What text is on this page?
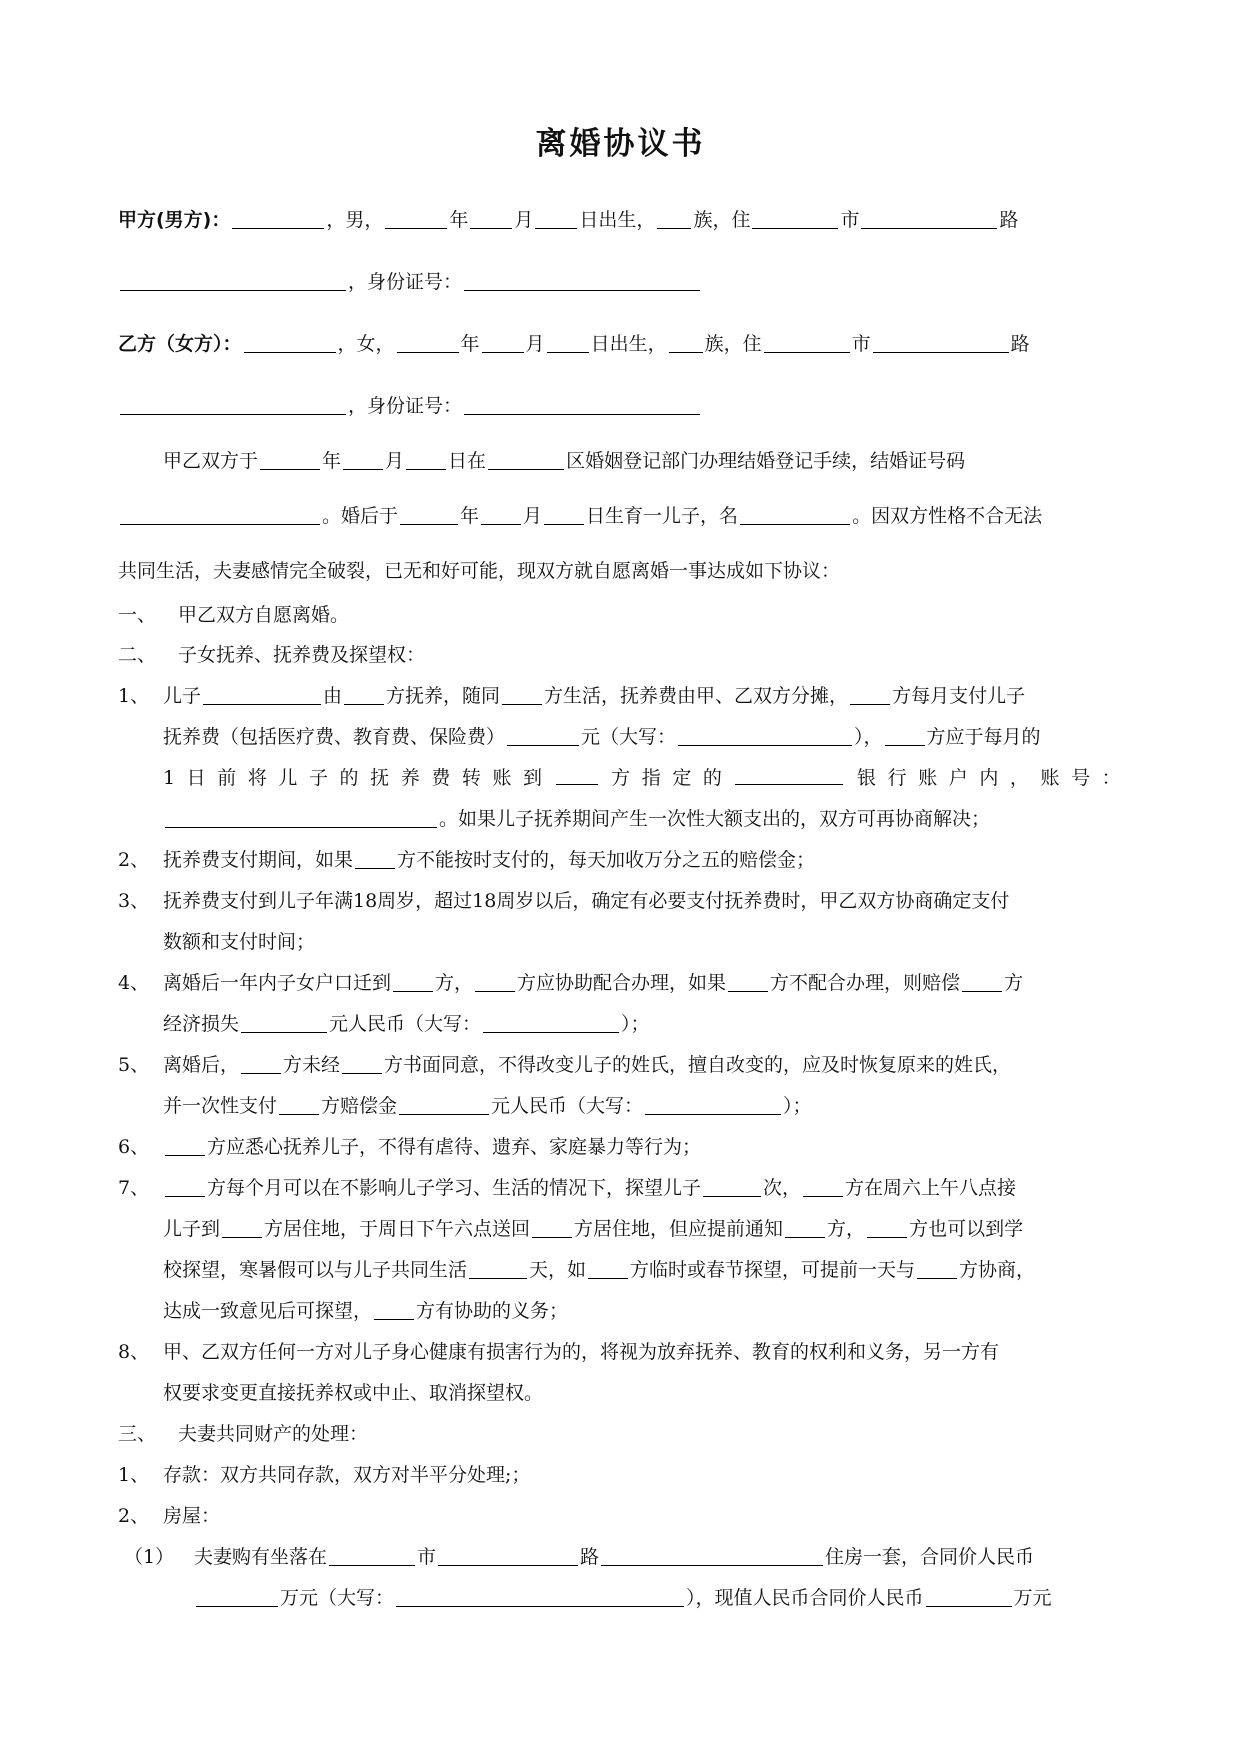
离婚协议书
甲方(男方)：	，男，	年 月 日出生， 族，住	市	路
，身份证号：
乙方（女方）：	，女，	年 月 日出生， 族，住	市	路
，身份证号：
甲乙双方于	年 月 日在	区婚姻登记部门办理结婚登记手续，结婚证号码
。婚后于	年 月 日生育一儿子，名	。因双方性格不合无法
共同生活，夫妻感情完全破裂，已无和好可能，现双方就自愿离婚一事达成如下协议：
一、 甲乙双方自愿离婚。
二、 子女抚养、抚养费及探望权：
1、 儿子	由 方抚养，随同 方生活，抚养费由甲、乙双方分摊， 方每月支付儿子
抚养费（包括医疗费、教育费、保险费）	元（大写：	）， 方应于每月的
1 日 前 将 儿 子 的 抚 养 费 转 账 到	方 指 定 的	银 行 账 户 内 ， 账 号 ：
。如果儿子抚养期间产生一次性大额支出的，双方可再协商解决；
2、 抚养费支付期间，如果 方不能按时支付的，每天加收万分之五的赔偿金；
3、 抚养费支付到儿子年满18周岁，超过18周岁以后，确定有必要支付抚养费时，甲乙双方协商确定支付
数额和支付时间；
4、 离婚后一年内子女户口迁到 方， 方应协助配合办理，如果 方不配合办理，则赔偿 方
经济损失	元人民币（大写：	）；
5、 离婚后， 方未经 方书面同意，不得改变儿子的姓氏，擅自改变的，应及时恢复原来的姓氏，
并一次性支付 方赔偿金	元人民币（大写：	）；
6、	方应悉心抚养儿子，不得有虐待、遗弃、家庭暴力等行为；
7、	方每个月可以在不影响儿子学习、生活的情况下，探望儿子	次， 方在周六上午八点接
儿子到 方居住地，于周日下午六点送回 方居住地，但应提前通知 方， 方也可以到学
校探望，寒暑假可以与儿子共同生活	天，如 方临时或春节探望，可提前一天与 方协商，
达成一致意见后可探望， 方有协助的义务；
8、 甲、乙双方任何一方对儿子身心健康有损害行为的，将视为放弃抚养、教育的权利和义务，另一方有
权要求变更直接抚养权或中止、取消探望权。
三、 夫妻共同财产的处理：
1、 存款：双方共同存款，双方对半平分处理;；
2、 房屋：
（1） 夫妻购有坐落在	市	路	住房一套，合同价人民币
万元（大写：	），现值人民币合同价人民币	万元
